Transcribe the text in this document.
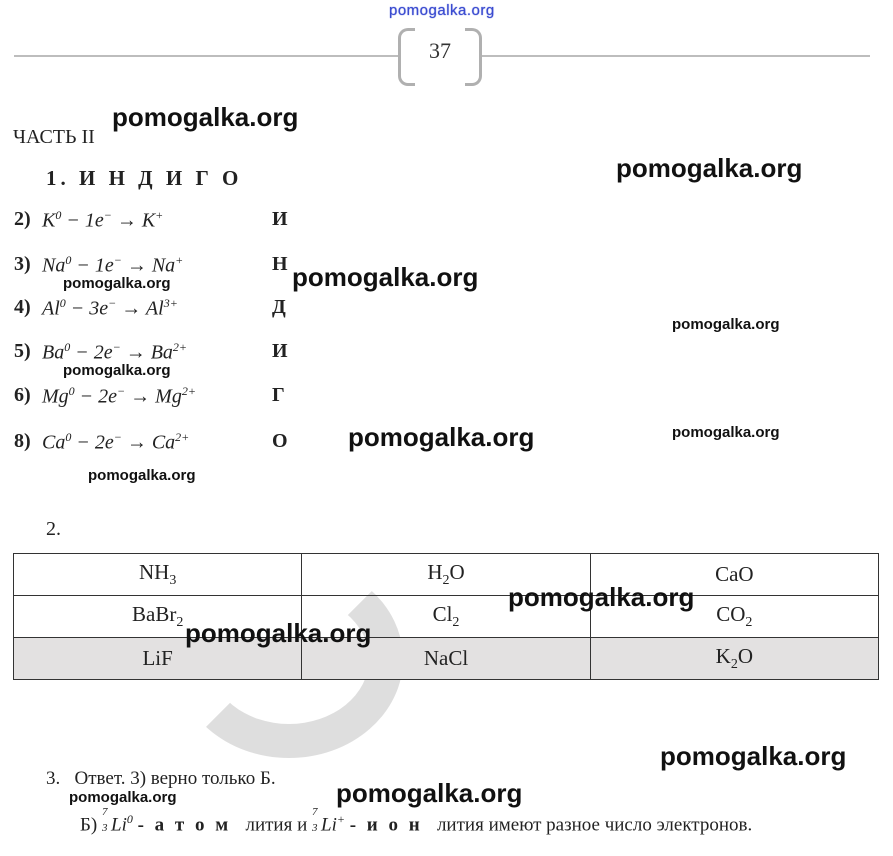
pomogalka.org
37
ЧАСТЬ II
1. И Н Д И Г О
2) $K^0 - 1e^- \to K^+$	И
3) $Na^0 - 1e^- \to Na^+$	Н
4) $Al^0 - 3e^- \to Al^{3+}$	Д
5) $Ba^0 - 2e^- \to Ba^{2+}$	И
6) $Mg^0 - 2e^- \to Mg^{2+}$	Г
8) $Ca^0 - 2e^- \to Ca^{2+}$	О
2.
$NH_3$	$H_2O$	CaO
BaBr$_2$	$Cl_2$	$CO_2$
LiF	NaCl	$K_2O$
3. Ответ. 3) верно только Б.
Б)
7
3 Li$^0$ - а т о м лития и
7
3 Li+ - и о н лития имеют разное число электронов.
pomogalka.org
pomogalka.org
pomogalka.org
pomogalka.org
pomogalka.org
pomogalka.org
pomogalka.org	pomogalka.org
pomogalka.org
pomogalka.org
pomogalka.org
pomogalka.org
pomogalka.org	pomogalka.org
